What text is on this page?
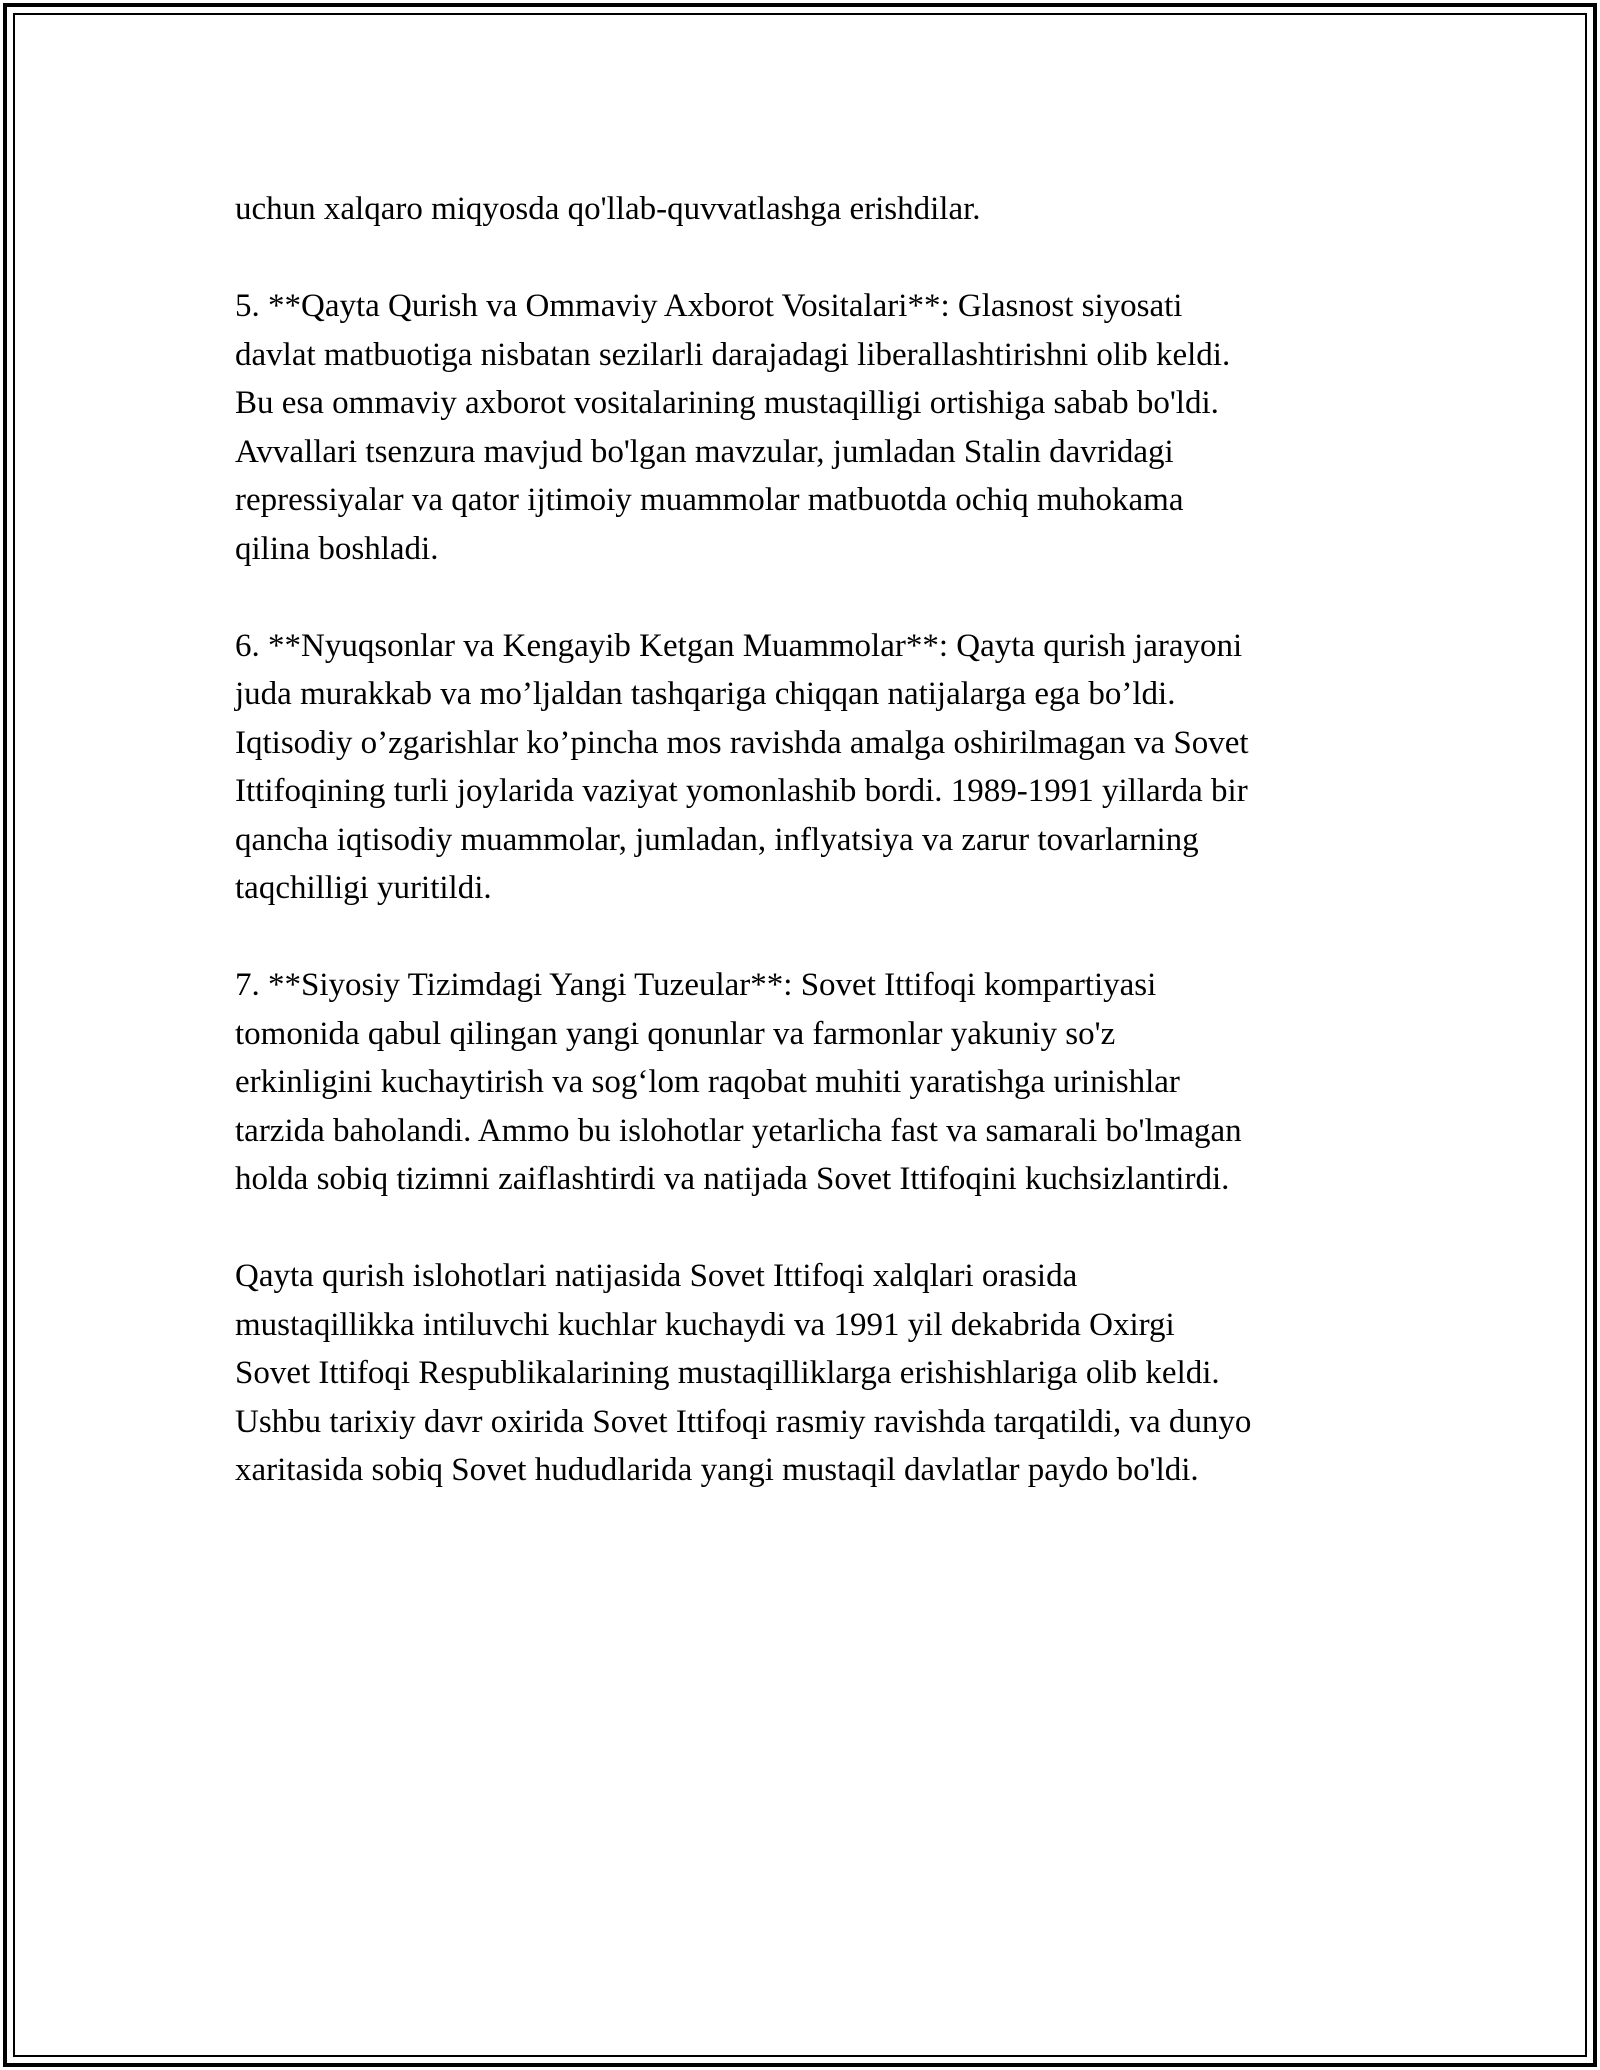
uchun xalqaro miqyosda qo'llab-quvvatlashga erishdilar.

5. **Qayta Qurish va Ommaviy Axborot Vositalari**: Glasnost siyosati
davlat matbuotiga nisbatan sezilarli darajadagi liberallashtirishni olib keldi.
Bu esa ommaviy axborot vositalarining mustaqilligi ortishiga sabab bo'ldi.
Avvallari tsenzura mavjud bo'lgan mavzular, jumladan Stalin davridagi
repressiyalar va qator ijtimoiy muammolar matbuotda ochiq muhokama
qilina boshladi.

6. **Nyuqsonlar va Kengayib Ketgan Muammolar**: Qayta qurish jarayoni
juda murakkab va mo’ljaldan tashqariga chiqqan natijalarga ega bo’ldi.
Iqtisodiy o’zgarishlar ko’pincha mos ravishda amalga oshirilmagan va Sovet
Ittifoqining turli joylarida vaziyat yomonlashib bordi. 1989-1991 yillarda bir
qancha iqtisodiy muammolar, jumladan, inflyatsiya va zarur tovarlarning
taqchilligi yuritildi.

7. **Siyosiy Tizimdagi Yangi Tuzeular**: Sovet Ittifoqi kompartiyasi
tomonida qabul qilingan yangi qonunlar va farmonlar yakuniy so'z
erkinligini kuchaytirish va sog‘lom raqobat muhiti yaratishga urinishlar
tarzida baholandi. Ammo bu islohotlar yetarlicha fast va samarali bo'lmagan
holda sobiq tizimni zaiflashtirdi va natijada Sovet Ittifoqini kuchsizlantirdi.

Qayta qurish islohotlari natijasida Sovet Ittifoqi xalqlari orasida
mustaqillikka intiluvchi kuchlar kuchaydi va 1991 yil dekabrida Oxirgi
Sovet Ittifoqi Respublikalarining mustaqilliklarga erishishlariga olib keldi.
Ushbu tarixiy davr oxirida Sovet Ittifoqi rasmiy ravishda tarqatildi, va dunyo
xaritasida sobiq Sovet hududlarida yangi mustaqil davlatlar paydo bo'ldi.
